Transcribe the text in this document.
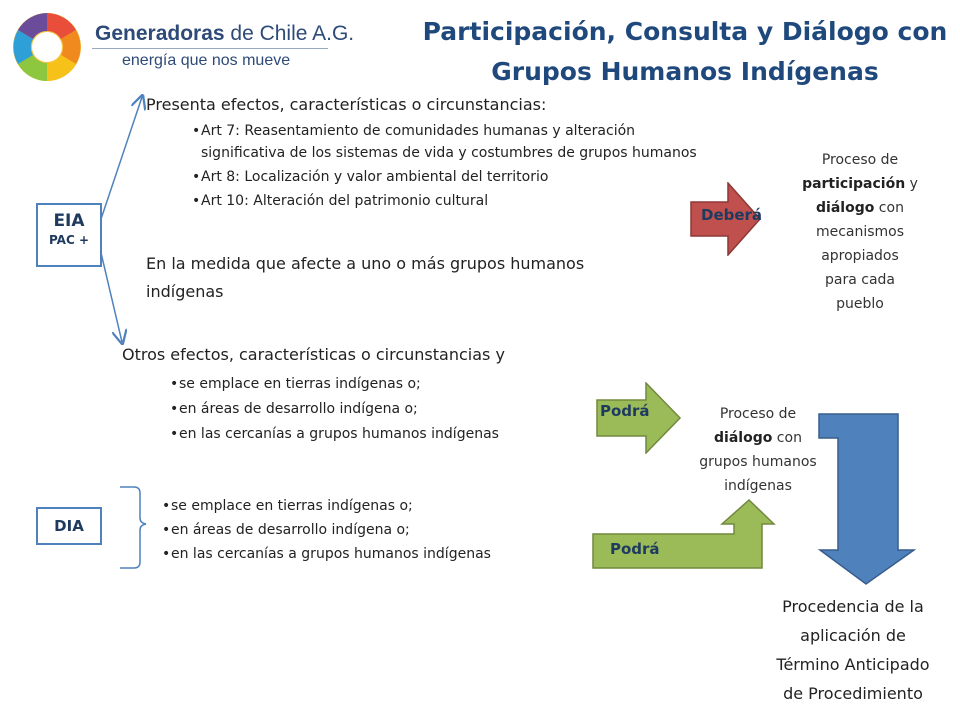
Generadoras de Chile A.G.
energía que nos mueve
Participación, Consulta y Diálogo con
Grupos Humanos Indígenas
EIA
PAC +
DIA
Presenta efectos, características o circunstancias:
• Art 7: Reasentamiento de comunidades humanas y alteración significativa de los sistemas de vida y costumbres de grupos humanos
• Art 8: Localización y valor ambiental del territorio
• Art 10: Alteración del patrimonio cultural
En la medida que afecte a uno o más grupos humanos
indígenas
Otros efectos, características o circunstancias y
• se emplace en tierras indígenas o;
• en áreas de desarrollo indígena o;
• en las cercanías a grupos humanos indígenas
• se emplace en tierras indígenas o;
• en áreas de desarrollo indígena o;
• en las cercanías a grupos humanos indígenas
Deberá
Podrá
Podrá
Proceso de
participación y
diálogo con
mecanismos
apropiados
para cada
pueblo
Proceso de
diálogo con
grupos humanos
indígenas
Procedencia de la
aplicación de
Término Anticipado
de Procedimiento
